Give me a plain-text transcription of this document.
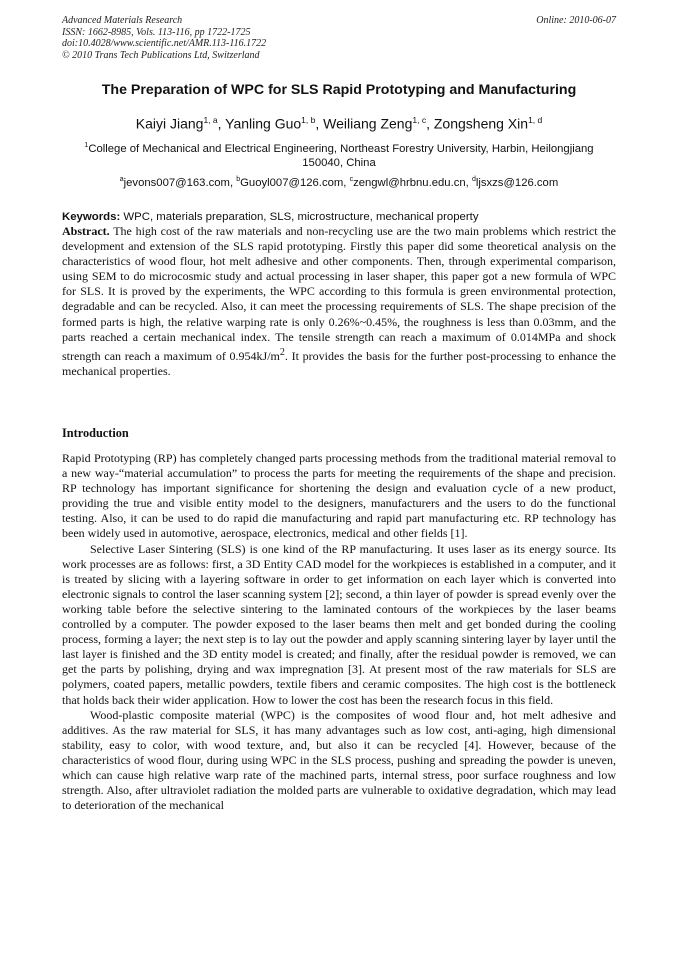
Advanced Materials Research
ISSN: 1662-8985, Vols. 113-116, pp 1722-1725
doi:10.4028/www.scientific.net/AMR.113-116.1722
© 2010 Trans Tech Publications Ltd, Switzerland
Online: 2010-06-07
The Preparation of WPC for SLS Rapid Prototyping and Manufacturing
Kaiyi Jiang$^{1, a}$, Yanling Guo$^{1, b}$, Weiliang Zeng$^{1, c}$, Zongsheng Xin$^{1, d}$
$^1$College of Mechanical and Electrical Engineering, Northeast Forestry University, Harbin, Heilongjiang 150040, China
$^a$jevons007@163.com, $^b$Guoyl007@126.com, $^c$zengwl@hrbnu.edu.cn, $^d$ljsxzs@126.com
Keywords: WPC, materials preparation, SLS, microstructure, mechanical property
Abstract. The high cost of the raw materials and non-recycling use are the two main problems which restrict the development and extension of the SLS rapid prototyping. Firstly this paper did some theoretical analysis on the characteristics of wood flour, hot melt adhesive and other components. Then, through experimental comparison, using SEM to do microcosmic study and actual processing in laser shaper, this paper got a new formula of WPC for SLS. It is proved by the experiments, the WPC according to this formula is green environmental protection, degradable and can be recycled. Also, it can meet the processing requirements of SLS. The shape precision of the formed parts is high, the relative warping rate is only 0.26%~0.45%, the roughness is less than 0.03mm, and the parts reached a certain mechanical index. The tensile strength can reach a maximum of 0.014MPa and shock strength can reach a maximum of $0.954kJ/m^2$. It provides the basis for the further post-processing to enhance the mechanical properties.
Introduction

Rapid Prototyping (RP) has completely changed parts processing methods from the traditional material removal to a new way-“material accumulation” to process the parts for meeting the requirements of the shape and precision. RP technology has important significance for shortening the design and evaluation cycle of a new product, providing the true and visible entity model to the designers, manufacturers and the users to do the functional testing. Also, it can be used to do rapid die manufacturing and rapid part manufacturing etc. RP technology has been widely used in automotive, aerospace, electronics, medical and other fields [1].

Selective Laser Sintering (SLS) is one kind of the RP manufacturing. It uses laser as its energy source. Its work processes are as follows: first, a 3D Entity CAD model for the workpieces is established in a computer, and it is treated by slicing with a layering software in order to get information on each layer which is converted into electronic signals to control the laser scanning system [2]; second, a thin layer of powder is spread evenly over the working table before the selective sintering to the laminated contours of the workpieces by the laser beams controlled by a computer. The powder exposed to the laser beams then melt and get bonded during the cooling process, forming a layer; the next step is to lay out the powder and apply scanning sintering layer by layer until the last layer is finished and the 3D entity model is created; and finally, after the residual powder is removed, we can get the parts by polishing, drying and wax impregnation [3]. At present most of the raw materials for SLS are polymers, coated papers, metallic powders, textile fibers and ceramic composites. The high cost is the bottleneck that holds back their wider application. How to lower the cost has been the research focus in this field.

Wood-plastic composite material (WPC) is the composites of wood flour and, hot melt adhesive and additives. As the raw material for SLS, it has many advantages such as low cost, anti-aging, high dimensional stability, easy to color, with wood texture, and, but also it can be recycled [4]. However, because of the characteristics of wood flour, during using WPC in the SLS process, pushing and spreading the powder is uneven, which can cause high relative warp rate of the machined parts, internal stress, poor surface roughness and low strength. Also, after ultraviolet radiation the molded parts are vulnerable to oxidative degradation, which may lead to deterioration of the mechanical
